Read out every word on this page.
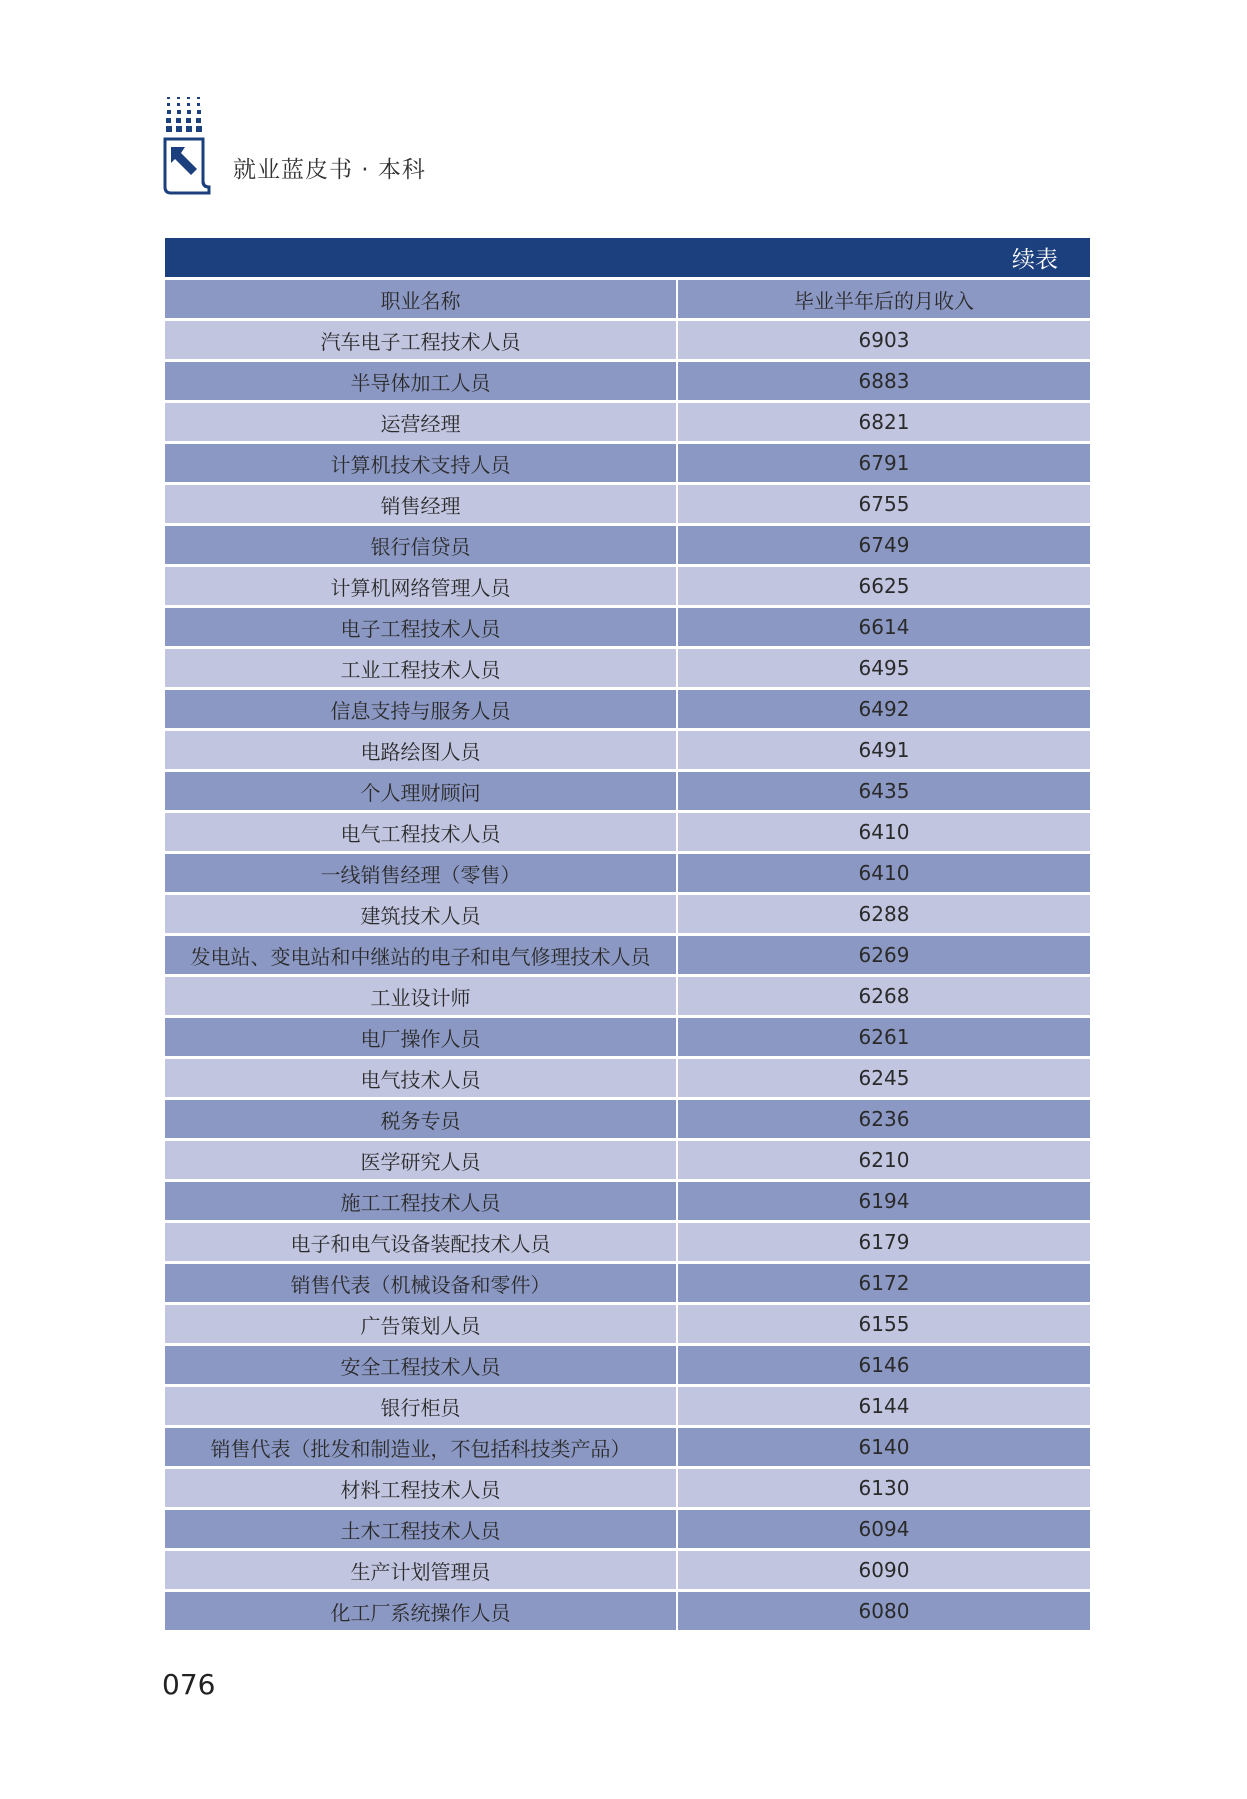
就业蓝皮书 · 本科
续表
职业名称	毕业半年后的月收入
汽车电子工程技术人员	6903
半导体加工人员	6883
运营经理	6821
计算机技术支持人员	6791
销售经理	6755
银行信贷员	6749
计算机网络管理人员	6625
电子工程技术人员	6614
工业工程技术人员	6495
信息支持与服务人员	6492
电路绘图人员	6491
个人理财顾问	6435
电气工程技术人员	6410
一线销售经理（零售）	6410
建筑技术人员	6288
发电站、变电站和中继站的电子和电气修理技术人员	6269
工业设计师	6268
电厂操作人员	6261
电气技术人员	6245
税务专员	6236
医学研究人员	6210
施工工程技术人员	6194
电子和电气设备装配技术人员	6179
销售代表（机械设备和零件）	6172
广告策划人员	6155
安全工程技术人员	6146
银行柜员	6144
销售代表（批发和制造业，不包括科技类产品）	6140
材料工程技术人员	6130
土木工程技术人员	6094
生产计划管理员	6090
化工厂系统操作人员	6080
076
